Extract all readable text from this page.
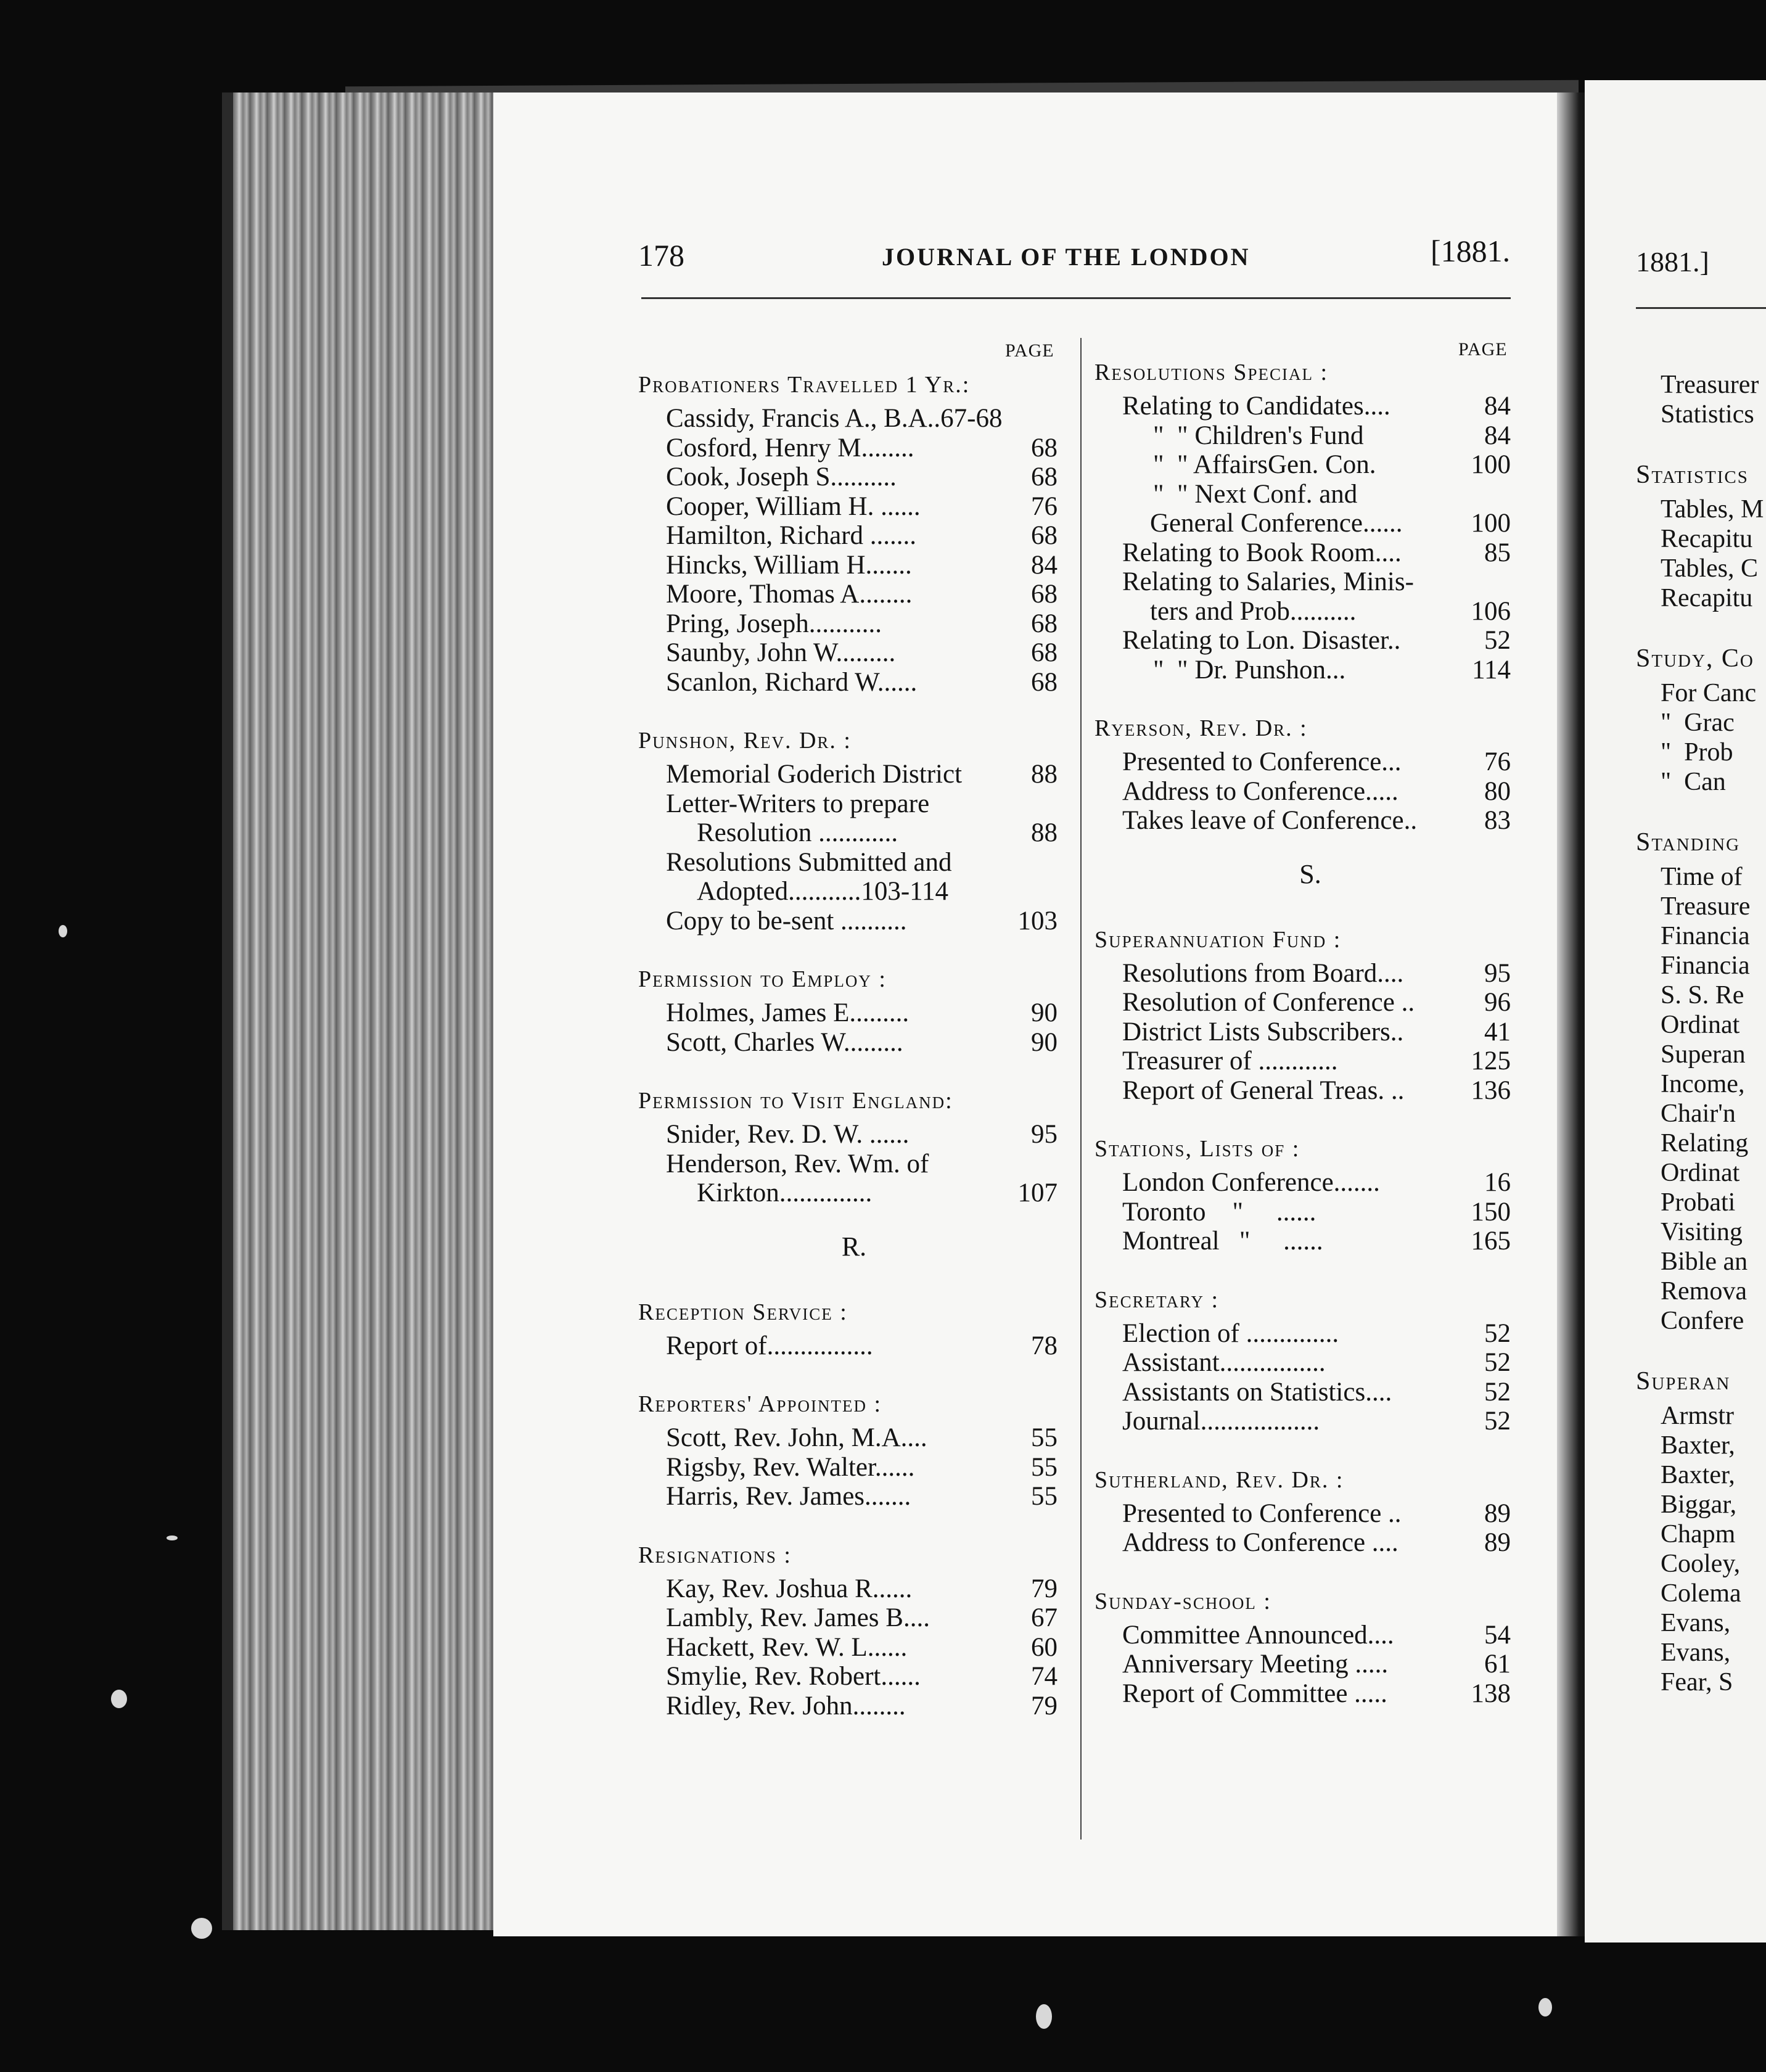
178	JOURNAL OF THE LONDON	[1881.
PAGE	PAGE
Probationers Travelled 1 Yr.:
Cassidy, Francis A., B.A..67-68
Cosford, Henry M........	68
Cook, Joseph S..........	68
Cooper, William H. ......	76
Hamilton, Richard .......	68
Hincks, William H.......	84
Moore, Thomas A........	68
Pring, Joseph...........	68
Saunby, John W.........	68
Scanlon, Richard W......	68
Punshon, Rev. Dr. :
Memorial Goderich District	88
Letter-Writers to prepare
Resolution ............	88
Resolutions Submitted and
Adopted...........103-114
Copy to be-sent ..........	103
Permission to Employ :
Holmes, James E.........	90
Scott, Charles W.........	90
Permission to Visit England:
Snider, Rev. D. W. ......	95
Henderson, Rev. Wm. of
Kirkton..............	107
R.
Reception Service :
Report of................	78
Reporters' Appointed :
Scott, Rev. John, M.A....	55
Rigsby, Rev. Walter......	55
Harris, Rev. James.......	55
Resignations :
Kay, Rev. Joshua R......	79
Lambly, Rev. James B....	67
Hackett, Rev. W. L......	60
Smylie, Rev. Robert......	74
Ridley, Rev. John........	79
Resolutions Special :
Relating to Candidates....	84
"  " Children's Fund	84
"  " AffairsGen. Con.	100
"  " Next Conf. and
General Conference......	100
Relating to Book Room....	85
Relating to Salaries, Minis-
ters and Prob..........	106
Relating to Lon. Disaster..	52
"  " Dr. Punshon...	114
Ryerson, Rev. Dr. :
Presented to Conference...	76
Address to Conference.....	80
Takes leave of Conference..	83
S.
Superannuation Fund :
Resolutions from Board....	95
Resolution of Conference ..	96
District Lists Subscribers..	41
Treasurer of ............	125
Report of General Treas. ..	136
Stations, Lists of :
London Conference.......	16
Toronto    "     ......	150
Montreal   "     ......	165
Secretary :
Election of ..............	52
Assistant................	52
Assistants on Statistics....	52
Journal..................	52
Sutherland, Rev. Dr. :
Presented to Conference ..	89
Address to Conference ....	89
Sunday-school :
Committee Announced....	54
Anniversary Meeting .....	61
Report of Committee .....	138
1881.]
Treasurer
Statistics
Statistics
Tables, M
Recapitu
Tables, C
Recapitu
Study, Co
For Canc
"  Grac
"  Prob
"  Can
Standing
Time of
Treasure
Financia
Financia
S. S. Re
Ordinat
Superan
Income,
Chair'n
Relating
Ordinat
Probati
Visiting
Bible an
Remova
Confere
Superan
Armstr
Baxter,
Baxter,
Biggar,
Chapm
Cooley,
Colema
Evans,
Evans,
Fear, S
